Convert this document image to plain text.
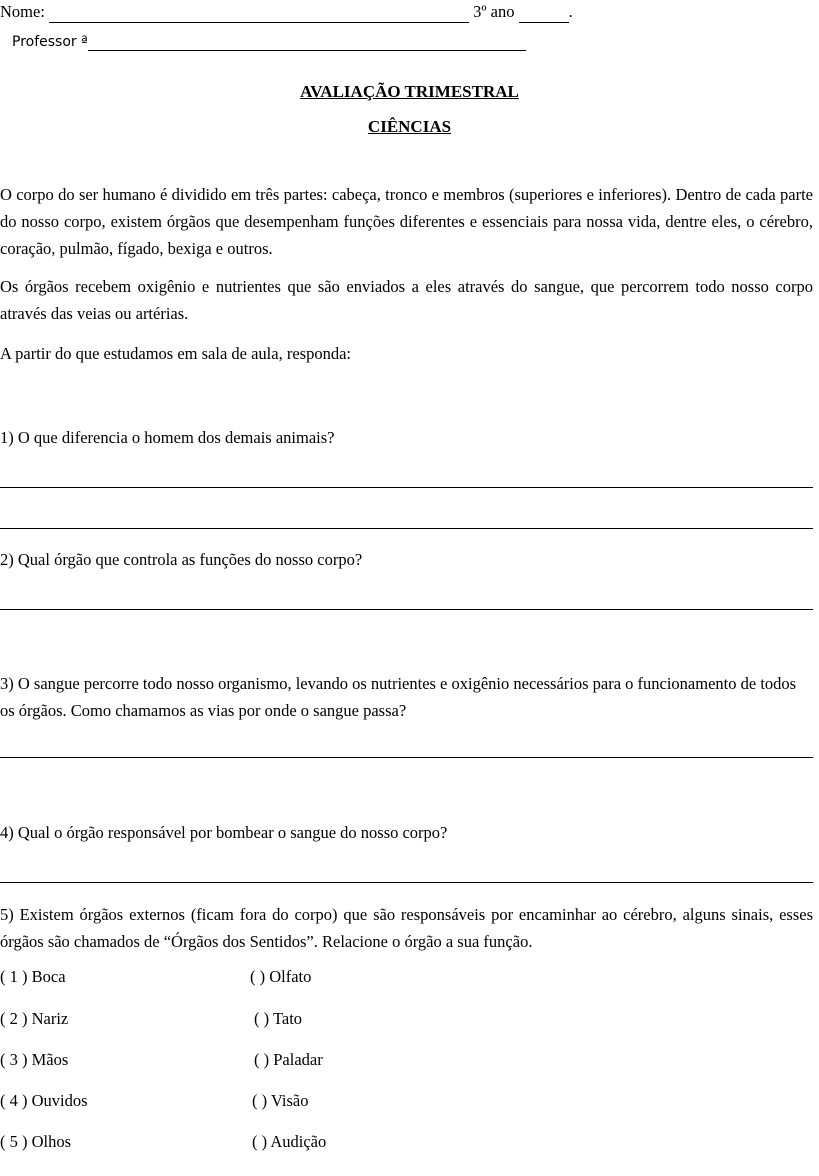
Nome:	3º ano	.
Professor ª
AVALIAÇÃO TRIMESTRAL
CIÊNCIAS
O corpo do ser humano é dividido em três partes: cabeça, tronco e membros (superiores e inferiores). Dentro de cada parte do nosso corpo, existem órgãos que desempenham funções diferentes e essenciais para nossa vida, dentre eles, o cérebro, coração, pulmão, fígado, bexiga e outros.
Os órgãos recebem oxigênio e nutrientes que são enviados a eles através do sangue, que percorrem todo nosso corpo através das veias ou artérias.
A partir do que estudamos em sala de aula, responda:
1) O que diferencia o homem dos demais animais?
2) Qual órgão que controla as funções do nosso corpo?
3) O sangue percorre todo nosso organismo, levando os nutrientes e oxigênio necessários para o funcionamento de todos os órgãos. Como chamamos as vias por onde o sangue passa?
4) Qual o órgão responsável por bombear o sangue do nosso corpo?
5) Existem órgãos externos (ficam fora do corpo) que são responsáveis por encaminhar ao cérebro, alguns sinais, esses órgãos são chamados de “Órgãos dos Sentidos”. Relacione o órgão a sua função.
( 1 ) Boca	( ) Olfato
( 2 ) Nariz	( ) Tato
( 3 ) Mãos	( ) Paladar
( 4 ) Ouvidos	( ) Visão
( 5 ) Olhos	( ) Audição
